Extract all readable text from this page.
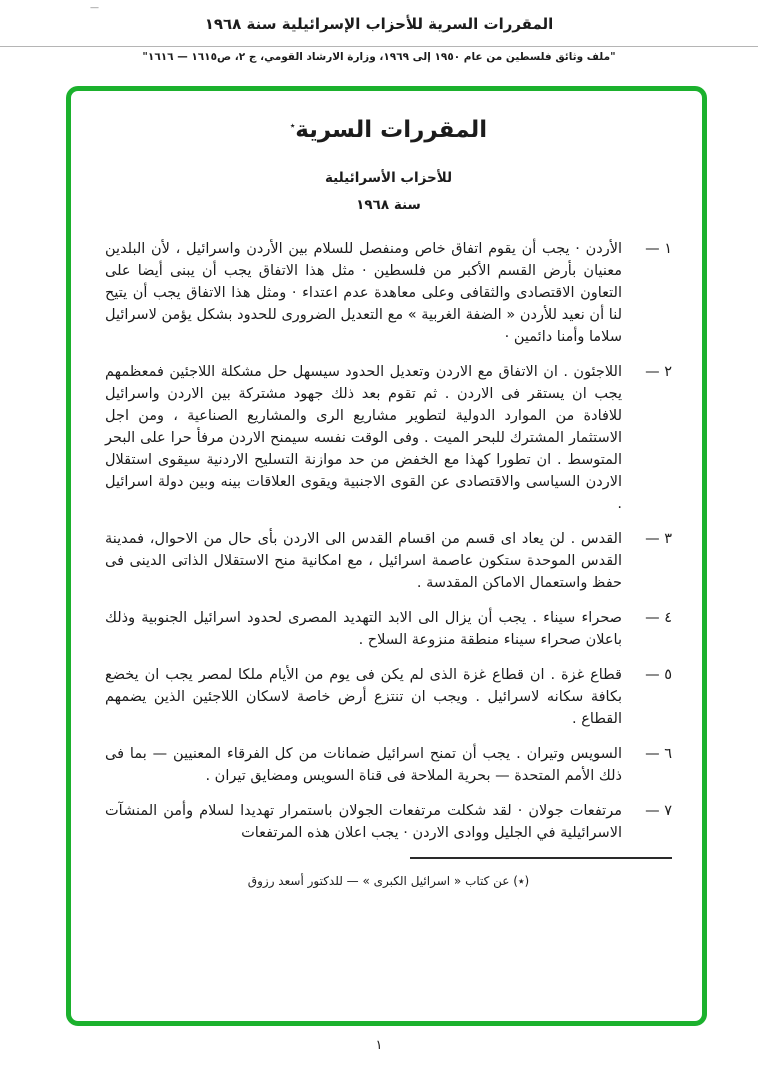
—
المقررات السرية للأحزاب الإسرائيلية سنة ١٩٦٨
"ملف وثائق فلسطين من عام ١٩٥٠ إلى ١٩٦٩، وزارة الارشاد القومي، ج ٢، ص١٦١٥ — ١٦١٦"
المقررات السرية٭
للأحزاب الأسرائيلية
سنة ١٩٦٨
١ —
الأردن · يجب أن يقوم اتفاق خاص ومنفصل للسلام بين الأردن واسرائيل ، لأن البلدين معنيان بأرض القسم الأكبر من فلسطين · مثل هذا الاتفاق يجب أن يبنى أيضا على التعاون الاقتصادى والثقافى وعلى معاهدة عدم اعتداء · ومثل هذا الاتفاق يجب أن يتيح لنا أن نعيد للأردن « الضفة الغربية » مع التعديل الضرورى للحدود بشكل يؤمن لاسرائيل سلاما وأمنا دائمين ·
٢ —
اللاجئون . ان الاتفاق مع الاردن وتعديل الحدود سيسهل حل مشكلة اللاجئين فمعظمهم يجب ان يستقر فى الاردن . ثم تقوم بعد ذلك جهود مشتركة بين الاردن واسرائيل للافادة من الموارد الدولية لتطوير مشاريع الرى والمشاريع الصناعية ، ومن اجل الاستثمار المشترك للبحر الميت . وفى الوقت نفسه سيمنح الاردن مرفأ حرا على البحر المتوسط . ان تطورا كهذا مع الخفض من حد موازنة التسليح الاردنية سيقوى استقلال الاردن السياسى والاقتصادى عن القوى الاجنبية ويقوى العلاقات بينه وبين دولة اسرائيل .
٣ —
القدس . لن يعاد اى قسم من اقسام القدس الى الاردن بأى حال من الاحوال، فمدينة القدس الموحدة ستكون عاصمة اسرائيل ، مع امكانية منح الاستقلال الذاتى الدينى فى حفظ واستعمال الاماكن المقدسة .
٤ —
صحراء سيناء . يجب أن يزال الى الابد التهديد المصرى لحدود اسرائيل الجنوبية وذلك باعلان صحراء سيناء منطقة منزوعة السلاح .
٥ —
قطاع غزة . ان قطاع غزة الذى لم يكن فى يوم من الأيام ملكا لمصر يجب ان يخضع بكافة سكانه لاسرائيل . ويجب ان تنتزع أرض خاصة لاسكان اللاجئين الذين يضمهم القطاع .
٦ —
السويس وتيران . يجب أن تمنح اسرائيل ضمانات من كل الفرقاء المعنيين — بما فى ذلك الأمم المتحدة — بحرية الملاحة فى قناة السويس ومضايق تيران .
٧ —
مرتفعات جولان · لقد شكلت مرتفعات الجولان باستمرار تهديدا لسلام وأمن المنشآت الاسرائيلية في الجليل ووادى الاردن · يجب اعلان هذه المرتفعات
(٭) عن كتاب « اسرائيل الكبرى » — للدكتور أسعد رزوق
١
